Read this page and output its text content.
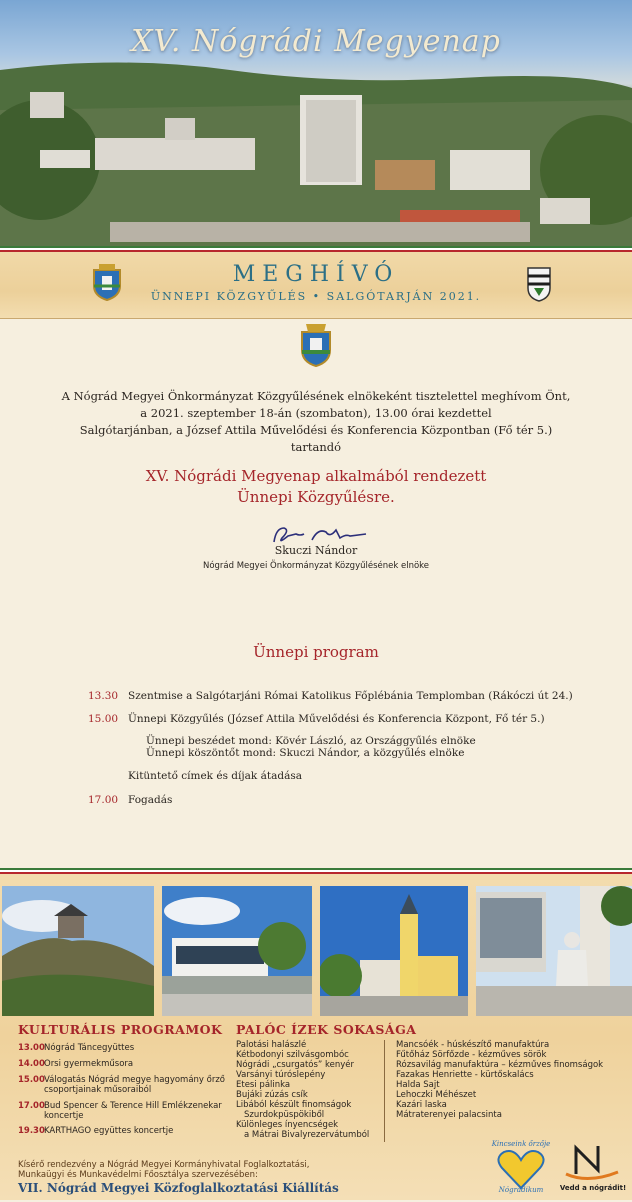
XV. Nógrádi Megyenap
MEGHÍVÓ
ÜNNEPI KÖZGYŰLÉS • SALGÓTARJÁN 2021.
A Nógrád Megyei Önkormányzat Közgyűlésének elnökeként tisztelettel meghívom Önt,
a 2021. szeptember 18-án (szombaton), 13.00 órai kezdettel
Salgótarjánban, a József Attila Művelődési és Konferencia Központban (Fő tér 5.)
tartandó
XV. Nógrádi Megyenap alkalmából rendezett
Ünnepi Közgyűlésre.
Skuczi Nándor
Nógrád Megyei Önkormányzat Közgyűlésének elnöke
Ünnepi program
13.30 Szentmise a Salgótarjáni Római Katolikus Főplébánia Templomban (Rákóczi út 24.)
15.00 Ünnepi Közgyűlés (József Attila Művelődési és Konferencia Központ, Fő tér 5.)
Ünnepi beszédet mond: Kövér László, az Országgyűlés elnöke
Ünnepi köszöntőt mond: Skuczi Nándor, a közgyűlés elnöke
Kitüntető címek és díjak átadása
17.00 Fogadás
KULTURÁLIS PROGRAMOK
13.00 Nógrád Táncegyüttes
14.00 Orsi gyermekműsora
15.00 Válogatás Nógrád megye hagyomány őrző csoportjainak műsoraiból
17.00 Bud Spencer & Terence Hill Emlékzenekar koncertje
19.30 KARTHAGO együttes koncertje
PALÓC ÍZEK SOKASÁGA
Palotási halászlé
Kétbodonyi szilvásgombóc
Nógrádi „csurgatós” kenyér
Varsányi túróslepény
Etesi pálinka
Bujáki zúzás csík
Libából készült finomságok
Szurdokpüspökiből
Különleges ínyencségek
a Mátrai Bivalyrezervátumból
Mancsóék - húskészítő manufaktúra
Fűtőház Sörfőzde - kézműves sörök
Rózsavilág manufaktúra – kézműves finomságok
Fazakas Henriette - kürtőskalács
Halda Sajt
Lehoczki Méhészet
Kazári laska
Mátraterenyei palacsinta
Kísérő rendezvény a Nógrád Megyei Kormányhivatal Foglalkoztatási,
Munkaügyi és Munkavédelmi Főosztálya szervezésében:
VII. Nógrád Megyei Közfoglalkoztatási Kiállítás
Kincseink őrzője
Nógrádikum	Vedd a nógrádit!
